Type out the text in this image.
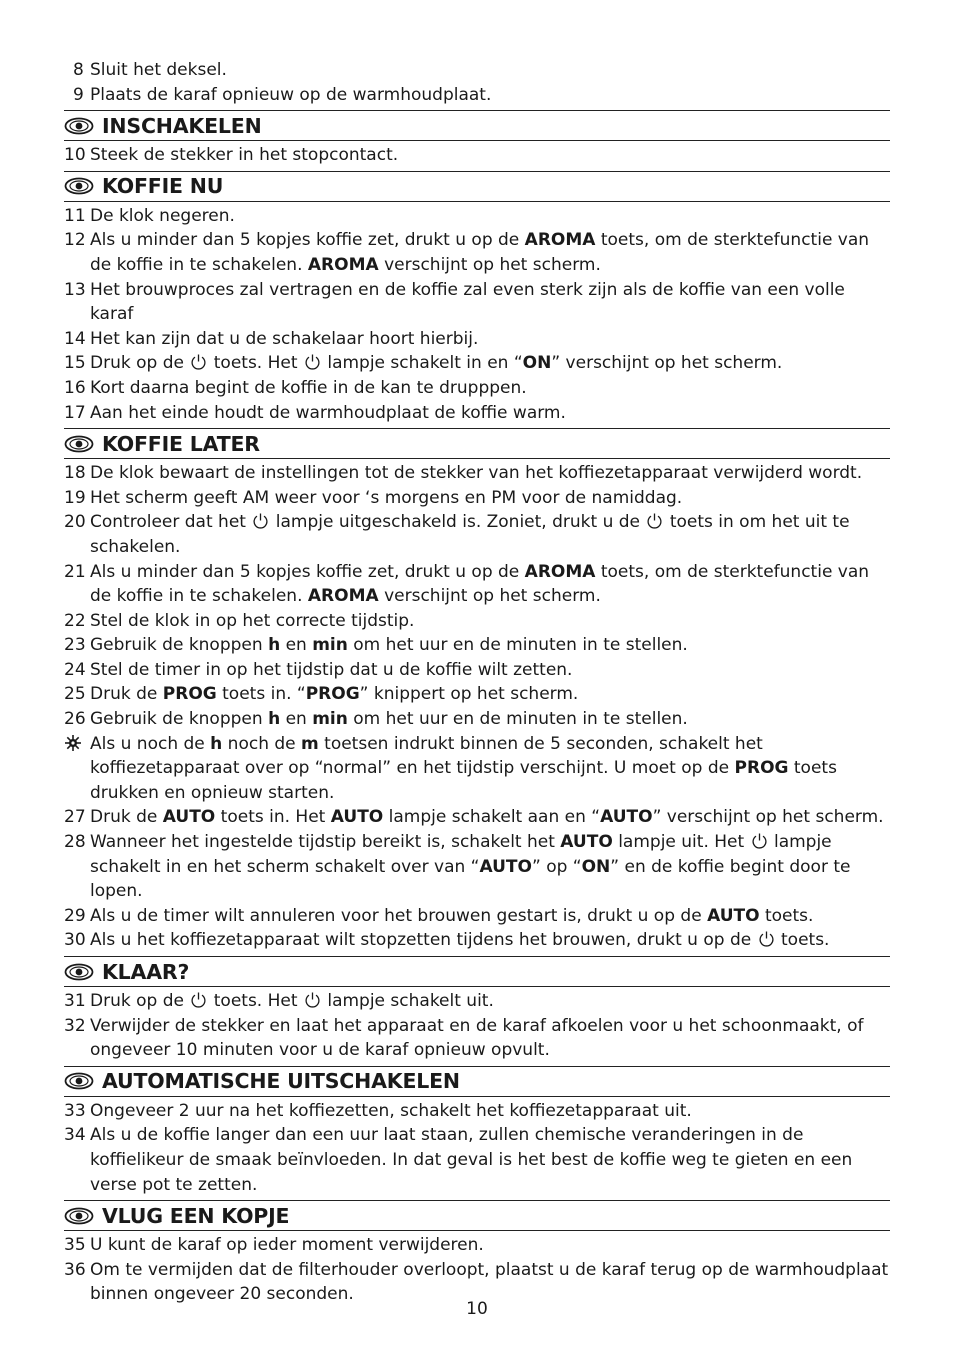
8 Sluit het deksel.
9 Plaats de karaf opnieuw op de warmhoudplaat.
INSCHAKELEN
10 Steek de stekker in het stopcontact.
KOFFIE NU
11 De klok negeren.
12 Als u minder dan 5 kopjes koffie zet, drukt u op de AROMA toets, om de sterktefunctie van de koffie in te schakelen. AROMA verschijnt op het scherm.
13 Het brouwproces zal vertragen en de koffie zal even sterk zijn als de koffie van een volle karaf
14 Het kan zijn dat u de schakelaar hoort hierbij.
15 Druk op de  toets. Het  lampje schakelt in en “ON” verschijnt op het scherm.
16 Kort daarna begint de koffie in de kan te drupppen.
17 Aan het einde houdt de warmhoudplaat de koffie warm.
KOFFIE LATER
18 De klok bewaart de instellingen tot de stekker van het koffiezetapparaat verwijderd wordt.
19 Het scherm geeft AM weer voor ‘s morgens en PM voor de namiddag.
20 Controleer dat het  lampje uitgeschakeld is. Zoniet, drukt u de  toets in om het uit te schakelen.
21 Als u minder dan 5 kopjes koffie zet, drukt u op de AROMA toets, om de sterktefunctie van de koffie in te schakelen. AROMA verschijnt op het scherm.
22 Stel de klok in op het correcte tijdstip.
23 Gebruik de knoppen h en min om het uur en de minuten in te stellen.
24 Stel de timer in op het tijdstip dat u de koffie wilt zetten.
25 Druk de PROG toets in. “PROG” knippert op het scherm.
26 Gebruik de knoppen h en min om het uur en de minuten in te stellen.
Als u noch de h noch de m toetsen indrukt binnen de 5 seconden, schakelt het koffiezetapparaat over op “normal” en het tijdstip verschijnt. U moet op de PROG toets drukken en opnieuw starten.
27 Druk de AUTO toets in. Het AUTO lampje schakelt aan en “AUTO” verschijnt op het scherm.
28 Wanneer het ingestelde tijdstip bereikt is, schakelt het AUTO lampje uit. Het  lampje schakelt in en het scherm schakelt over van “AUTO” op “ON” en de koffie begint door te lopen.
29 Als u de timer wilt annuleren voor het brouwen gestart is, drukt u op de AUTO toets.
30 Als u het koffiezetapparaat wilt stopzetten tijdens het brouwen, drukt u op de  toets.
KLAAR?
31 Druk op de  toets. Het  lampje schakelt uit.
32 Verwijder de stekker en laat het apparaat en de karaf afkoelen voor u het schoonmaakt, of ongeveer 10 minuten voor u de karaf opnieuw opvult.
AUTOMATISCHE UITSCHAKELEN
33 Ongeveer 2 uur na het koffiezetten, schakelt het koffiezetapparaat uit.
34 Als u de koffie langer dan een uur laat staan, zullen chemische veranderingen in de koffielikeur de smaak beïnvloeden. In dat geval is het best de koffie weg te gieten en een verse pot te zetten.
VLUG EEN KOPJE
35 U kunt de karaf op ieder moment verwijderen.
36 Om te vermijden dat de filterhouder overloopt, plaatst u de karaf terug op de warmhoudplaat binnen ongeveer 20 seconden.
10
